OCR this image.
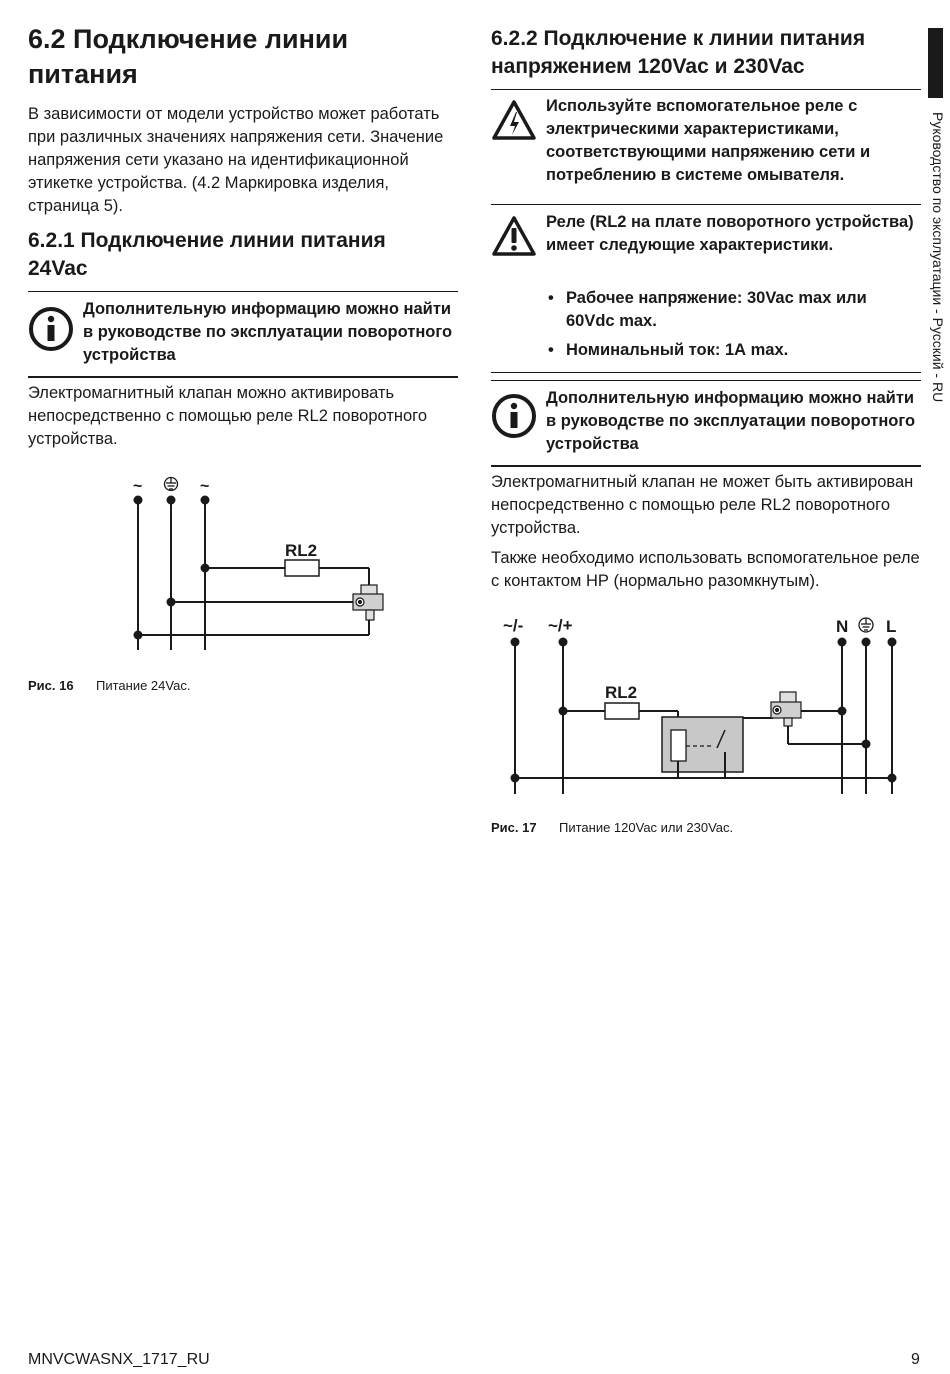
6.2 Подключение линии
питания

В зависимости от модели устройство может работать при различных значениях напряжения сети. Значение напряжения сети указано на идентификационной этикетке устройства. (4.2 Маркировка изделия, страница 5).

6.2.1 Подключение линии питания
24Vac
Дополнительную информацию можно найти в руководстве по эксплуатации поворотного устройства

Электромагнитный клапан можно активировать непосредственно с помощью реле RL2 поворотного устройства.

RL2
~	~
Рис. 16 Питание 24Vac.
6.2.2 Подключение к линии питания
напряжением 120Vac и 230Vac
Используйте вспомогательное реле с электрическими характеристиками, соответствующими напряжению сети и потреблению в системе омывателя.
Реле (RL2 на плате поворотного устройства) имеет следующие характеристики.
• Рабочее напряжение: 30Vac max или 60Vdc max.
• Номинальный ток: 1А max.
Дополнительную информацию можно найти в руководстве по эксплуатации поворотного устройства

Электромагнитный клапан не может быть активирован непосредственно с помощью реле RL2 поворотного устройства.

Также необходимо использовать вспомогательное реле с контактом НР (нормально разомкнутым).

RL2
~/- ~/+	N L
Рис. 17 Питание 120Vac или 230Vac.
Руководство по эксплуатации - Русский - RU
MNVCWASNX_1717_RU	9
